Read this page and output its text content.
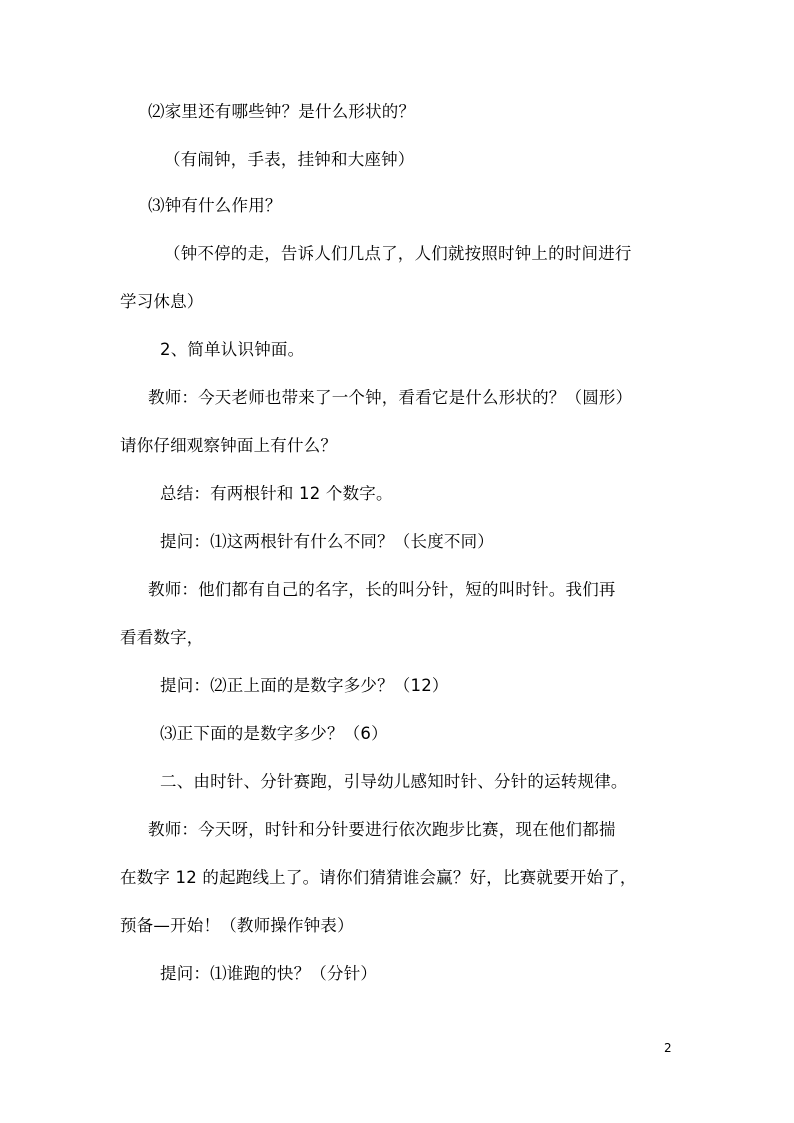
⑵家里还有哪些钟？是什么形状的？
（有闹钟，手表，挂钟和大座钟）
⑶钟有什么作用？
（钟不停的走，告诉人们几点了，人们就按照时钟上的时间进行
学习休息）
2、简单认识钟面。
教师：今天老师也带来了一个钟，看看它是什么形状的？（圆形）
请你仔细观察钟面上有什么？
总结：有两根针和 12 个数字。
提问：⑴这两根针有什么不同？（长度不同）
教师：他们都有自己的名字，长的叫分针，短的叫时针。我们再
看看数字，
提问：⑵正上面的是数字多少？（12）
⑶正下面的是数字多少？（6）
二、由时针、分针赛跑，引导幼儿感知时针、分针的运转规律。
教师：今天呀，时针和分针要进行依次跑步比赛，现在他们都揣
在数字 12 的起跑线上了。请你们猜猜谁会赢？好，比赛就要开始了，
预备—开始！（教师操作钟表）
提问：⑴谁跑的快？（分针）
2
